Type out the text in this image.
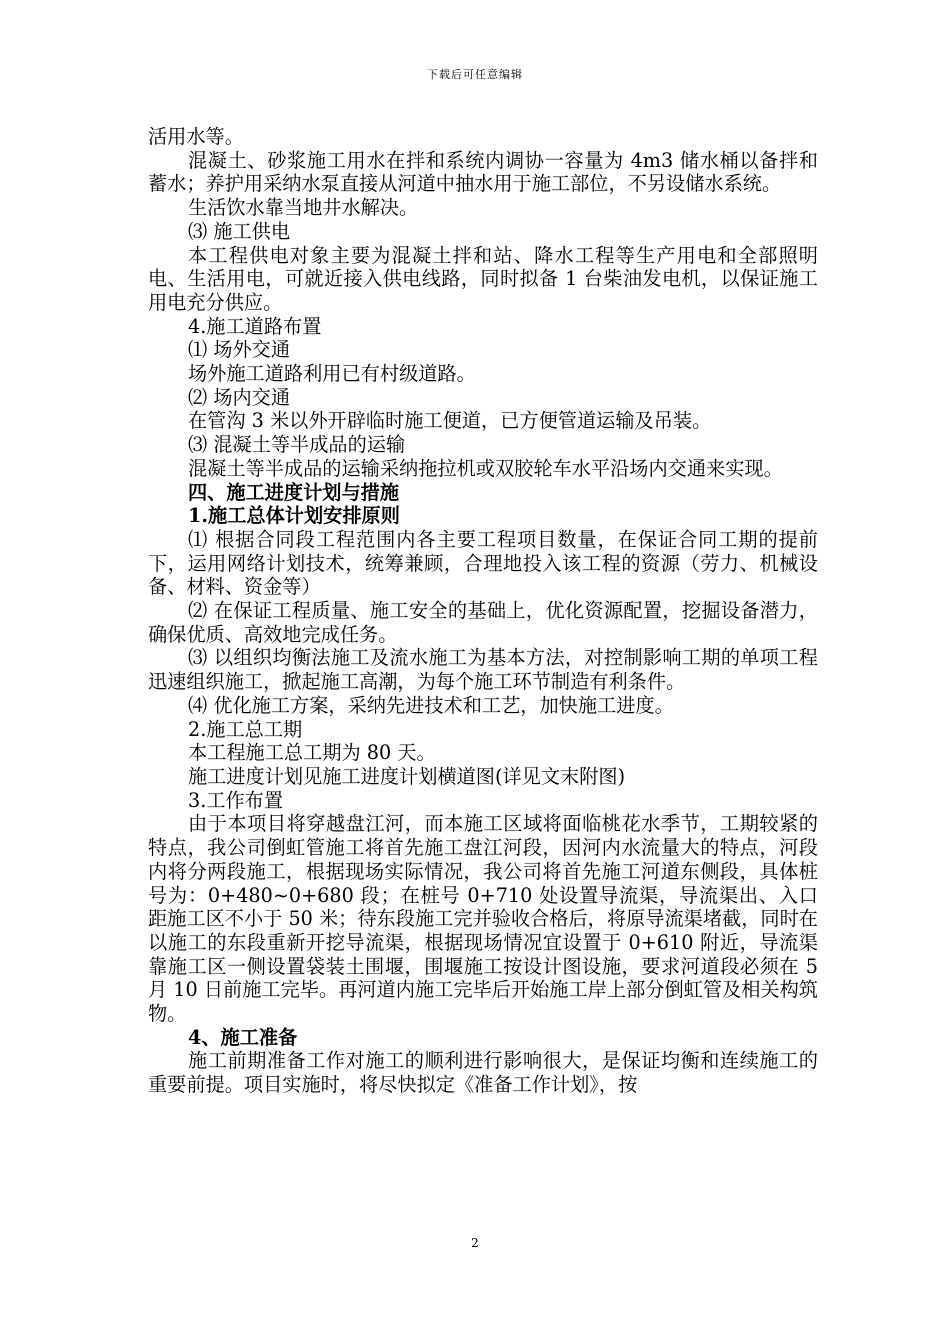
下载后可任意编辑

活用水等。

混凝土、砂浆施工用水在拌和系统内调协一容量为 4m3 储水桶以备拌和蓄水；养护用采纳水泵直接从河道中抽水用于施工部位，不另设储水系统。

生活饮水靠当地井水解决。

⑶ 施工供电

本工程供电对象主要为混凝土拌和站、降水工程等生产用电和全部照明电、生活用电，可就近接入供电线路，同时拟备 1 台柴油发电机，以保证施工用电充分供应。

4.施工道路布置

⑴ 场外交通

场外施工道路利用已有村级道路。

⑵ 场内交通

在管沟 3 米以外开辟临时施工便道，已方便管道运输及吊装。

⑶ 混凝土等半成品的运输

混凝土等半成品的运输采纳拖拉机或双胶轮车水平沿场内交通来实现。

四、施工进度计划与措施

1.施工总体计划安排原则

⑴ 根据合同段工程范围内各主要工程项目数量，在保证合同工期的提前下，运用网络计划技术，统筹兼顾，合理地投入该工程的资源（劳力、机械设备、材料、资金等）

⑵ 在保证工程质量、施工安全的基础上，优化资源配置，挖掘设备潜力，确保优质、高效地完成任务。

⑶ 以组织均衡法施工及流水施工为基本方法，对控制影响工期的单项工程迅速组织施工，掀起施工高潮，为每个施工环节制造有利条件。

⑷ 优化施工方案，采纳先进技术和工艺，加快施工进度。

2.施工总工期

本工程施工总工期为 80 天。

施工进度计划见施工进度计划横道图(详见文末附图)

3.工作布置

由于本项目将穿越盘江河，而本施工区域将面临桃花水季节，工期较紧的特点，我公司倒虹管施工将首先施工盘江河段，因河内水流量大的特点，河段内将分两段施工，根据现场实际情况，我公司将首先施工河道东侧段，具体桩号为：0+480~0+680 段；在桩号 0+710 处设置导流渠，导流渠出、入口距施工区不小于 50 米；待东段施工完并验收合格后，将原导流渠堵截，同时在以施工的东段重新开挖导流渠，根据现场情况宜设置于 0+610 附近，导流渠靠施工区一侧设置袋装土围堰，围堰施工按设计图设施，要求河道段必须在 5 月 10 日前施工完毕。再河道内施工完毕后开始施工岸上部分倒虹管及相关构筑物。

4、施工准备

施工前期准备工作对施工的顺利进行影响很大，是保证均衡和连续施工的重要前提。项目实施时，将尽快拟定《准备工作计划》，按

2
